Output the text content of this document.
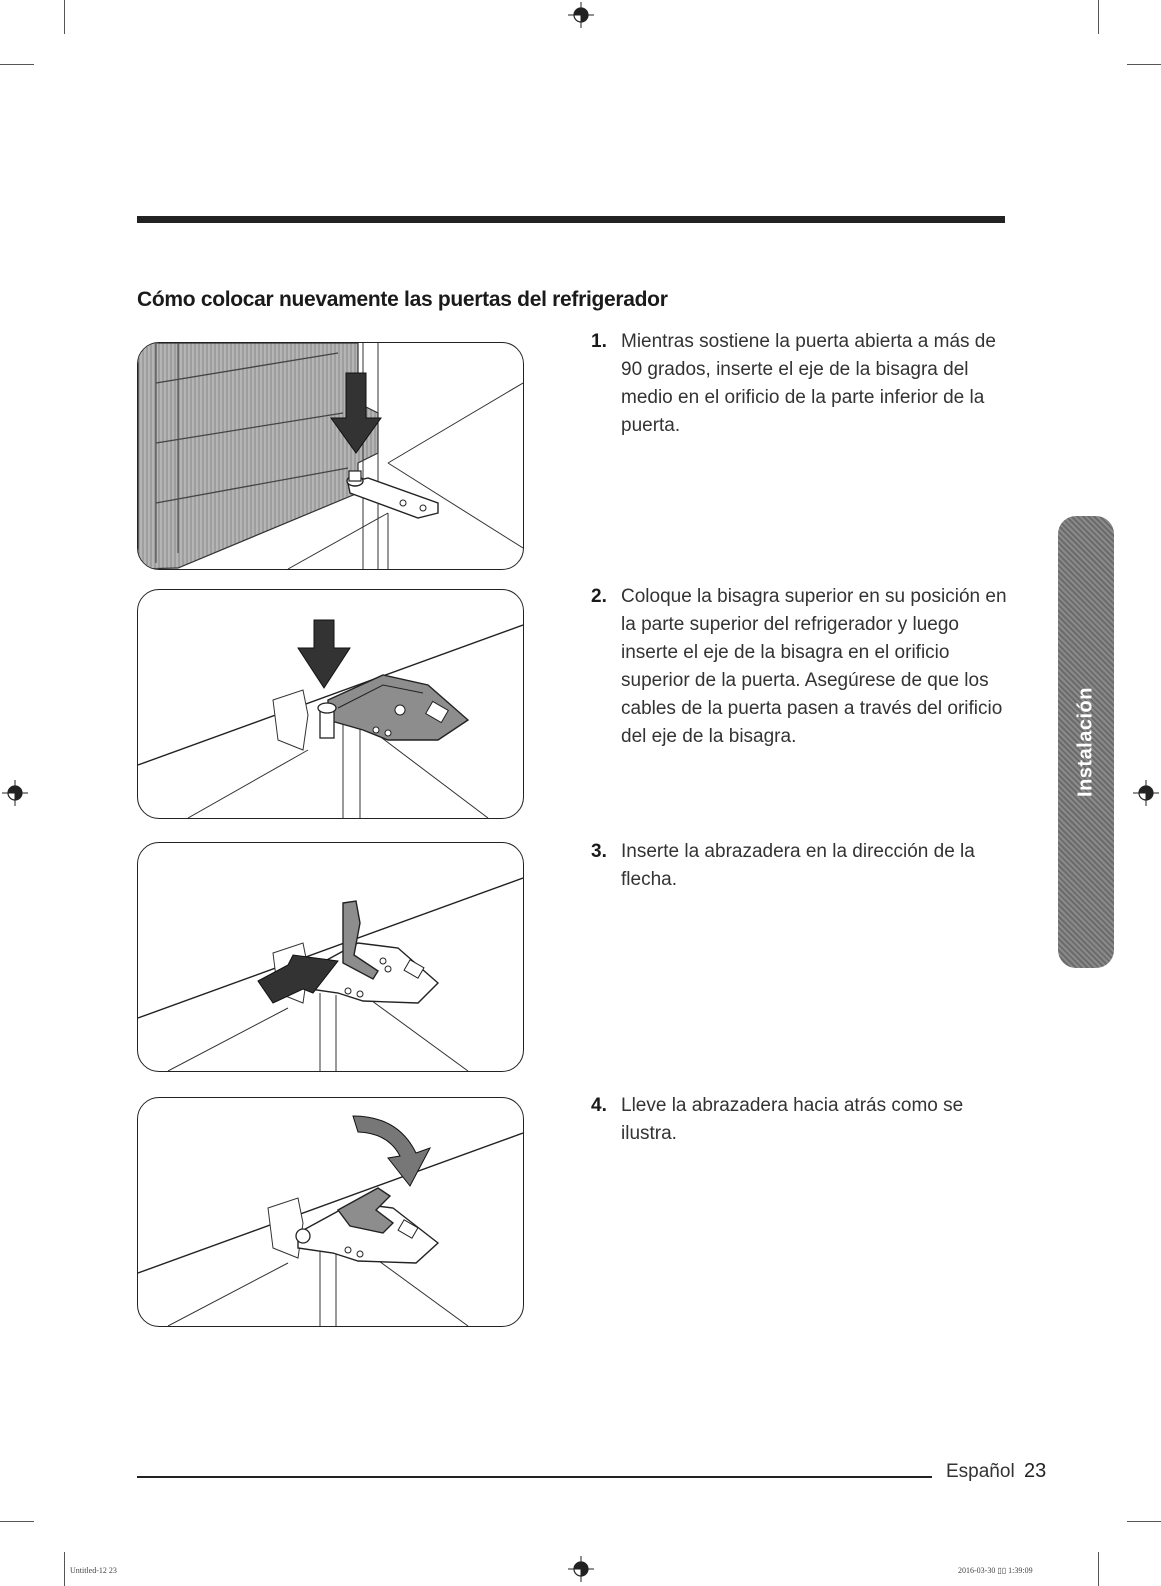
Cómo colocar nuevamente las puertas del refrigerador
1. Mientras sostiene la puerta abierta a más de 90 grados, inserte el eje de la bisagra del medio en el orificio de la parte inferior de la puerta.
2. Coloque la bisagra superior en su posición en la parte superior del refrigerador y luego inserte el eje de la bisagra en el orificio superior de la puerta. Asegúrese de que los cables de la puerta pasen a través del orificio del eje de la bisagra.
3. Inserte la abrazadera en la dirección de la flecha.
4. Lleve la abrazadera hacia atrás como se ilustra.
Instalación
Español 23
Untitled-12 23	2016-03-30 ▯▯ 1:39:09
